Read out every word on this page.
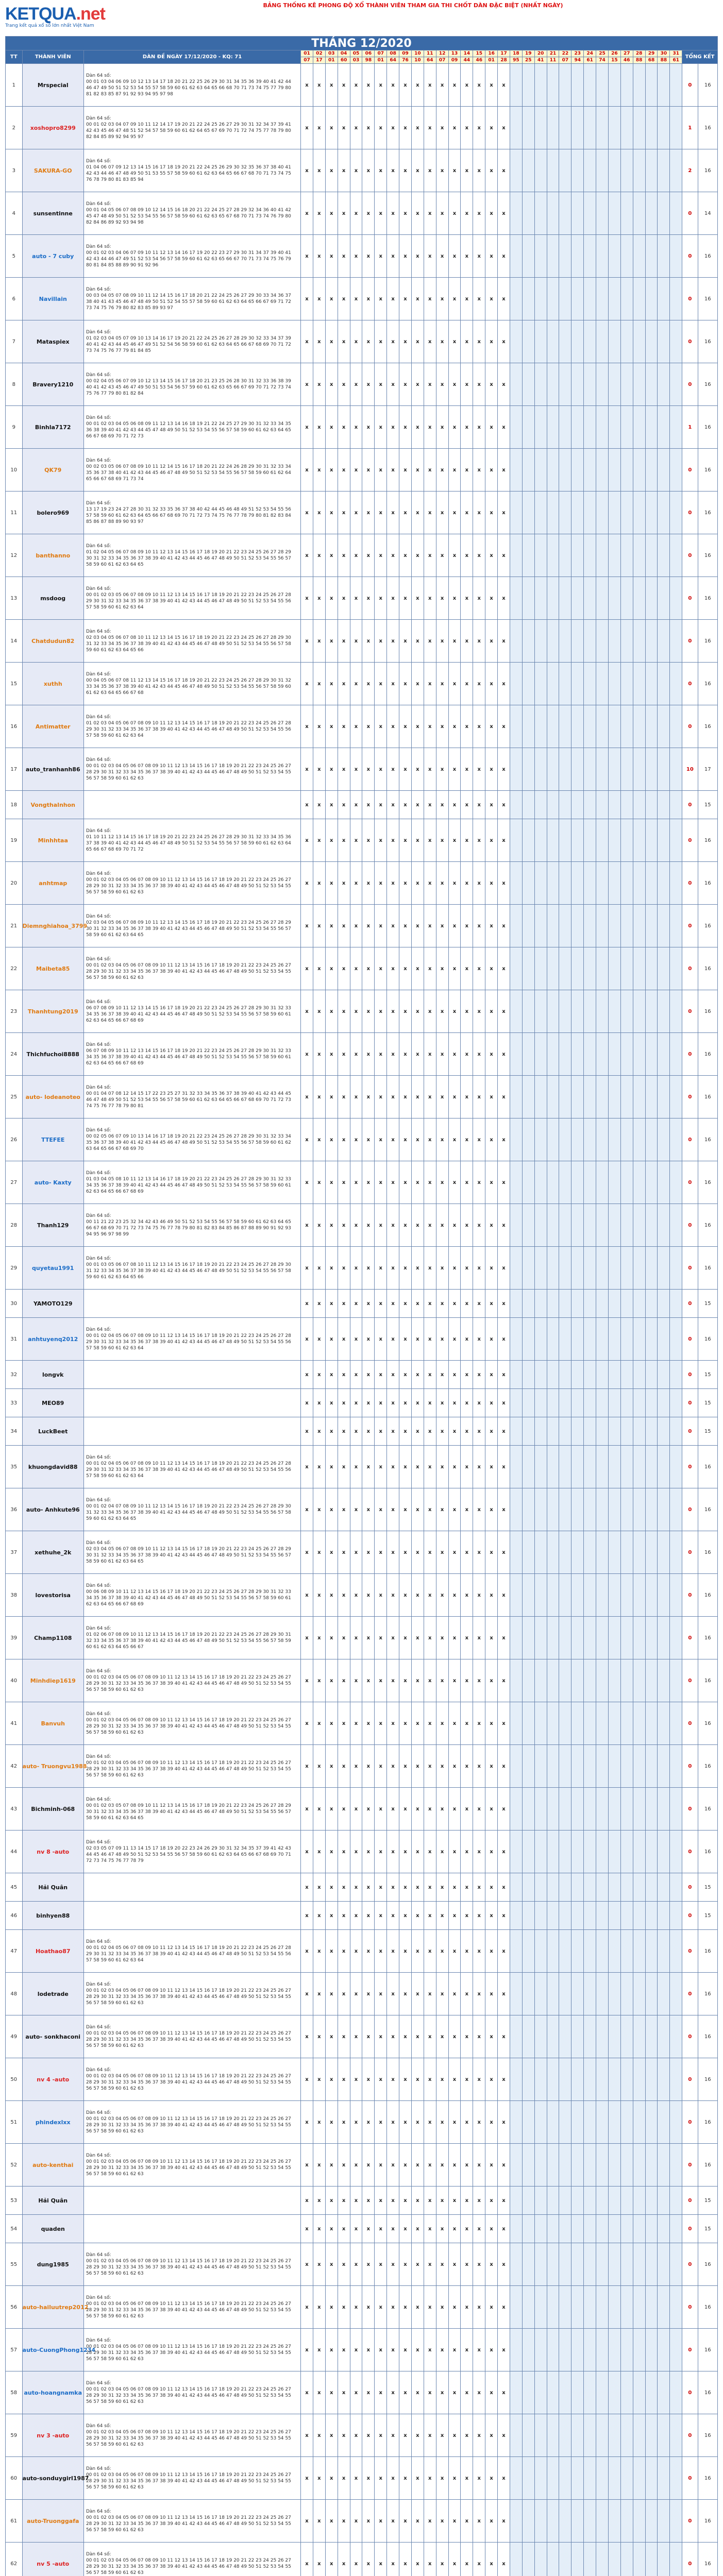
KETQUA.net
Trang kết quả xổ số lớn nhất Việt Nam
BẢNG THỐNG KÊ PHONG ĐỘ XỔ THÀNH VIÊN THAM GIA THI CHỐT DÀN ĐẶC BIỆT (NHẤT NGÀY)
THÁNG 12/2020																																			
TT	THÀNH VIÊN	DÀN ĐỀ NGÀY 17/12/2020 - KQ: 71	01	02	03	04	05	06	07	08	09	10	11	12	13	14	15	16	17	18	19	20	21	22	23	24	25	26	27	28	29	30	31	TỔNG KẾT	
			07	17	01	60	03	98	01	64	76	10	64	07	09	44	46	01	28	95	25	41	11	07	94	61	74	15	46	88	68	88	61		
1	Mrspecial	Dàn 64 số:
00 01 03 04 06 09 10 12 13 14 17 18 20 21 22 25 26 29 30 31 34 35 36 39 40 41 42 44 46 47 49 50 51 52 53 54 55 57 58 59 60 61 62 63 64 65 66 68 70 71 73 74 75 77 79 80 81 82 83 85 87 91 92 93 94 95 97 98	x	x	x	x	x	x	x	x	x	x	x	x	x	x	x	x	x															0	16
2	xoshopro8299	Dàn 64 số:
00 01 02 03 04 07 09 10 11 12 14 17 19 20 21 22 24 25 26 27 29 30 31 32 34 37 39 41 42 43 45 46 47 48 51 52 54 57 58 59 60 61 62 64 65 67 69 70 71 72 74 75 77 78 79 80 82 84 85 89 92 94 95 97	x	x	x	x	x	x	x	x	x	x	x	x	x	x	x	x	x															1	16
3	SAKURA-GO	Dàn 64 số:
01 04 06 07 09 12 13 14 15 16 17 18 19 20 21 22 24 25 26 29 30 32 35 36 37 38 40 41 42 43 44 46 47 48 49 50 51 53 55 57 58 59 60 61 62 63 64 65 66 67 68 70 71 73 74 75 76 78 79 80 81 83 85 94	x	x	x	x	x	x	x	x	x	x	x	x	x	x	x	x	x															2	16
4	sunsentinne	Dàn 64 số:
00 01 04 05 06 07 08 09 10 12 14 15 16 18 20 21 22 24 25 27 28 29 32 34 36 40 41 42 45 47 48 49 50 51 52 53 54 55 56 57 58 59 60 61 62 63 65 67 68 70 71 73 74 76 79 80 82 84 86 89 92 93 94 98	x	x	x	x	x	x	x	x	x	x	x	x	x	x	x	x	x															0	14
5	auto - 7 cuby	Dàn 64 số:
00 01 02 03 04 06 07 09 10 11 12 13 14 16 17 19 20 22 23 27 29 30 31 34 37 39 40 41 42 43 44 46 47 49 51 52 53 54 56 57 58 59 60 61 62 63 65 66 67 70 71 73 74 75 76 79 80 81 84 85 88 89 90 91 92 96	x	x	x	x	x	x	x	x	x	x	x	x	x	x	x	x	x															0	16
6	Navillain	Dàn 64 số:
00 03 04 05 07 08 09 10 11 12 14 15 16 17 18 20 21 22 24 25 26 27 29 30 33 34 36 37 38 40 41 43 45 46 47 48 49 50 51 52 54 55 57 58 59 60 61 62 63 64 65 66 67 69 71 72 73 74 75 76 79 80 82 83 85 89 93 97	x	x	x	x	x	x	x	x	x	x	x	x	x	x	x	x	x															0	16
7	Mataspiex	Dàn 64 số:
01 02 03 04 05 07 09 10 13 14 16 17 19 20 21 22 24 25 26 27 28 29 30 32 33 34 37 39 40 41 42 43 44 45 46 47 49 51 52 54 56 58 59 60 61 62 63 64 65 66 67 68 69 70 71 72 73 74 75 76 77 79 81 84 85	x	x	x	x	x	x	x	x	x	x	x	x	x	x	x	x	x															0	16
8	Bravery1210	Dàn 64 số:
00 02 04 05 06 07 09 10 12 13 14 15 16 17 18 20 21 23 25 26 28 30 31 32 33 36 38 39 40 41 42 43 45 46 47 49 50 51 53 54 56 57 59 60 61 62 63 65 66 67 69 70 71 72 73 74 75 76 77 79 80 81 82 84	x	x	x	x	x	x	x	x	x	x	x	x	x	x	x	x	x															0	16
9	Binhla7172	Dàn 64 số:
00 01 02 03 04 05 06 08 09 11 12 13 14 16 18 19 21 22 24 25 27 29 30 31 32 33 34 35 36 38 39 40 41 42 43 44 45 47 48 49 50 51 52 53 54 55 56 57 58 59 60 61 62 63 64 65 66 67 68 69 70 71 72 73	x	x	x	x	x	x	x	x	x	x	x	x	x	x	x	x	x															1	16
10	QK79	Dàn 64 số:
00 02 03 05 06 07 08 09 10 11 12 14 15 16 17 18 20 21 22 24 26 28 29 30 31 32 33 34 35 36 37 38 40 41 42 43 44 45 46 47 48 49 50 51 52 53 54 55 56 57 58 59 60 61 62 64 65 66 67 68 69 71 73 74	x	x	x	x	x	x	x	x	x	x	x	x	x	x	x	x	x															0	16
11	bolero969	Dàn 64 số:
13 17 19 23 24 27 28 30 31 32 33 35 36 37 38 40 42 44 45 46 48 49 51 52 53 54 55 56 57 58 59 60 61 62 63 64 65 66 67 68 69 70 71 72 73 74 75 76 77 78 79 80 81 82 83 84 85 86 87 88 89 90 93 97	x	x	x	x	x	x	x	x	x	x	x	x	x	x	x	x	x															0	16
12	banthanno	Dàn 64 số:
01 02 04 05 06 07 08 09 10 11 12 13 14 15 16 17 18 19 20 21 22 23 24 25 26 27 28 29 30 31 32 33 34 35 36 37 38 39 40 41 42 43 44 45 46 47 48 49 50 51 52 53 54 55 56 57 58 59 60 61 62 63 64 65	x	x	x	x	x	x	x	x	x	x	x	x	x	x	x	x	x															0	16
13	msdoog	Dàn 64 số:
00 01 02 03 05 06 07 08 09 10 11 12 13 14 15 16 17 18 19 20 21 22 23 24 25 26 27 28 29 30 31 32 33 34 35 36 37 38 39 40 41 42 43 44 45 46 47 48 49 50 51 52 53 54 55 56 57 58 59 60 61 62 63 64	x	x	x	x	x	x	x	x	x	x	x	x	x	x	x	x	x															0	16
14	Chatdudun82	Dàn 64 số:
02 03 04 05 06 07 08 10 11 12 13 14 15 16 17 18 19 20 21 22 23 24 25 26 27 28 29 30 31 32 33 34 35 36 37 38 39 40 41 42 43 44 45 46 47 48 49 50 51 52 53 54 55 56 57 58 59 60 61 62 63 64 65 66	x	x	x	x	x	x	x	x	x	x	x	x	x	x	x	x	x															0	16
15	xuthh	Dàn 64 số:
00 04 05 06 07 08 11 12 13 14 15 16 17 18 19 20 21 22 23 24 25 26 27 28 29 30 31 32 33 34 35 36 37 38 39 40 41 42 43 44 45 46 47 48 49 50 51 52 53 54 55 56 57 58 59 60 61 62 63 64 65 66 67 68	x	x	x	x	x	x	x	x	x	x	x	x	x	x	x	x	x															0	16
16	Antimatter	Dàn 64 số:
01 02 03 04 05 06 07 08 09 10 11 12 13 14 15 16 17 18 19 20 21 22 23 24 25 26 27 28 29 30 31 32 33 34 35 36 37 38 39 40 41 42 43 44 45 46 47 48 49 50 51 52 53 54 55 56 57 58 59 60 61 62 63 64	x	x	x	x	x	x	x	x	x	x	x	x	x	x	x	x	x															0	16
17	auto_tranhanh86	Dàn 64 số:
00 01 02 03 04 05 06 07 08 09 10 11 12 13 14 15 16 17 18 19 20 21 22 23 24 25 26 27 28 29 30 31 32 33 34 35 36 37 38 39 40 41 42 43 44 45 46 47 48 49 50 51 52 53 54 55 56 57 58 59 60 61 62 63	x	x	x	x	x	x	x	x	x	x	x	x	x	x	x	x	x															10	17
18	Vongthalnhon		x	x	x	x	x	x	x	x	x	x	x	x	x	x	x	x	x															0	15
19	Minhhtaa	Dàn 64 số:
01 10 11 12 13 14 15 16 17 18 19 20 21 22 23 24 25 26 27 28 29 30 31 32 33 34 35 36 37 38 39 40 41 42 43 44 45 46 47 48 49 50 51 52 53 54 55 56 57 58 59 60 61 62 63 64 65 66 67 68 69 70 71 72	x	x	x	x	x	x	x	x	x	x	x	x	x	x	x	x	x															0	16
20	anhtmap	Dàn 64 số:
00 01 02 03 04 05 06 07 08 09 10 11 12 13 14 15 16 17 18 19 20 21 22 23 24 25 26 27 28 29 30 31 32 33 34 35 36 37 38 39 40 41 42 43 44 45 46 47 48 49 50 51 52 53 54 55 56 57 58 59 60 61 62 63	x	x	x	x	x	x	x	x	x	x	x	x	x	x	x	x	x															0	16
21	Diemnghiahoa_3799	Dàn 64 số:
02 03 04 05 06 07 08 09 10 11 12 13 14 15 16 17 18 19 20 21 22 23 24 25 26 27 28 29 30 31 32 33 34 35 36 37 38 39 40 41 42 43 44 45 46 47 48 49 50 51 52 53 54 55 56 57 58 59 60 61 62 63 64 65	x	x	x	x	x	x	x	x	x	x	x	x	x	x	x	x	x															0	16
22	Maibeta85	Dàn 64 số:
00 01 02 03 04 05 06 07 08 09 10 11 12 13 14 15 16 17 18 19 20 21 22 23 24 25 26 27 28 29 30 31 32 33 34 35 36 37 38 39 40 41 42 43 44 45 46 47 48 49 50 51 52 53 54 55 56 57 58 59 60 61 62 63	x	x	x	x	x	x	x	x	x	x	x	x	x	x	x	x	x															0	16
23	Thanhtung2019	Dàn 64 số:
06 07 08 09 10 11 12 13 14 15 16 17 18 19 20 21 22 23 24 25 26 27 28 29 30 31 32 33 34 35 36 37 38 39 40 41 42 43 44 45 46 47 48 49 50 51 52 53 54 55 56 57 58 59 60 61 62 63 64 65 66 67 68 69	x	x	x	x	x	x	x	x	x	x	x	x	x	x	x	x	x															0	16
24	Thichfuchoi8888	Dàn 64 số:
06 07 08 09 10 11 12 13 14 15 16 17 18 19 20 21 22 23 24 25 26 27 28 29 30 31 32 33 34 35 36 37 38 39 40 41 42 43 44 45 46 47 48 49 50 51 52 53 54 55 56 57 58 59 60 61 62 63 64 65 66 67 68 69	x	x	x	x	x	x	x	x	x	x	x	x	x	x	x	x	x															0	16
25	auto- lodeanoteo	Dàn 64 số:
00 01 04 07 08 12 14 15 17 22 23 25 27 31 32 33 34 35 36 37 38 39 40 41 42 43 44 45 46 47 48 49 50 51 52 53 54 55 56 57 58 59 60 61 62 63 64 65 66 67 68 69 70 71 72 73 74 75 76 77 78 79 80 81	x	x	x	x	x	x	x	x	x	x	x	x	x	x	x	x	x															0	16
26	TTEFEE	Dàn 64 số:
00 02 05 06 07 09 10 13 14 16 17 18 19 20 21 22 23 24 25 26 27 28 29 30 31 32 33 34 35 36 37 38 39 40 41 42 43 44 45 46 47 48 49 50 51 52 53 54 55 56 57 58 59 60 61 62 63 64 65 66 67 68 69 70	x	x	x	x	x	x	x	x	x	x	x	x	x	x	x	x	x															0	16
27	auto- Kaxty	Dàn 64 số:
01 03 04 05 08 10 11 12 13 14 16 17 18 19 20 21 22 23 24 25 26 27 28 29 30 31 32 33 34 35 36 37 38 39 40 41 42 43 44 45 46 47 48 49 50 51 52 53 54 55 56 57 58 59 60 61 62 63 64 65 66 67 68 69	x	x	x	x	x	x	x	x	x	x	x	x	x	x	x	x	x															0	16
28	Thanh129	Dàn 64 số:
00 11 21 22 23 25 32 34 42 43 46 49 50 51 52 53 54 55 56 57 58 59 60 61 62 63 64 65 66 67 68 69 70 71 72 73 74 75 76 77 78 79 80 81 82 83 84 85 86 87 88 89 90 91 92 93 94 95 96 97 98 99	x	x	x	x	x	x	x	x	x	x	x	x	x	x	x	x	x															0	16
29	quyetau1991	Dàn 64 số:
00 01 03 05 06 07 08 10 11 12 13 14 15 16 17 18 19 20 21 22 23 24 25 26 27 28 29 30 31 32 33 34 35 36 37 38 39 40 41 42 43 44 45 46 47 48 49 50 51 52 53 54 55 56 57 58 59 60 61 62 63 64 65 66	x	x	x	x	x	x	x	x	x	x	x	x	x	x	x	x	x															0	16
30	YAMOTO129		x	x	x	x	x	x	x	x	x	x	x	x	x	x	x	x	x															0	15
31	anhtuyenq2012	Dàn 64 số:
00 01 02 04 05 06 07 08 09 10 11 12 13 14 15 16 17 18 19 20 21 22 23 24 25 26 27 28 29 30 31 32 33 34 35 36 37 38 39 40 41 42 43 44 45 46 47 48 49 50 51 52 53 54 55 56 57 58 59 60 61 62 63 64	x	x	x	x	x	x	x	x	x	x	x	x	x	x	x	x	x															0	16
32	longvk		x	x	x	x	x	x	x	x	x	x	x	x	x	x	x	x	x															0	15
33	MEO89		x	x	x	x	x	x	x	x	x	x	x	x	x	x	x	x	x															0	15
34	LuckBeet		x	x	x	x	x	x	x	x	x	x	x	x	x	x	x	x	x															0	15
35	khuongdavid88	Dàn 64 số:
00 01 02 04 05 06 07 08 09 10 11 12 13 14 15 16 17 18 19 20 21 22 23 24 25 26 27 28 29 30 31 32 33 34 35 36 37 38 39 40 41 42 43 44 45 46 47 48 49 50 51 52 53 54 55 56 57 58 59 60 61 62 63 64	x	x	x	x	x	x	x	x	x	x	x	x	x	x	x	x	x															0	16
36	auto- Anhkute96	Dàn 64 số:
00 01 02 04 07 08 09 10 11 12 13 14 15 16 17 18 19 20 21 22 23 24 25 26 27 28 29 30 31 32 33 34 35 36 37 38 39 40 41 42 43 44 45 46 47 48 49 50 51 52 53 54 55 56 57 58 59 60 61 62 63 64 65	x	x	x	x	x	x	x	x	x	x	x	x	x	x	x	x	x															0	16
37	xethuhe_2k	Dàn 64 số:
02 03 04 05 06 07 08 09 10 11 12 13 14 15 16 17 18 19 20 21 22 23 24 25 26 27 28 29 30 31 32 33 34 35 36 37 38 39 40 41 42 43 44 45 46 47 48 49 50 51 52 53 54 55 56 57 58 59 60 61 62 63 64 65	x	x	x	x	x	x	x	x	x	x	x	x	x	x	x	x	x															0	16
38	lovestorisa	Dàn 64 số:
00 06 08 09 10 11 12 13 14 15 16 17 18 19 20 21 22 23 24 25 26 27 28 29 30 31 32 33 34 35 36 37 38 39 40 41 42 43 44 45 46 47 48 49 50 51 52 53 54 55 56 57 58 59 60 61 62 63 64 65 66 67 68 69	x	x	x	x	x	x	x	x	x	x	x	x	x	x	x	x	x															0	16
39	Champ1108	Dàn 64 số:
01 02 06 07 08 09 10 11 12 13 14 15 16 17 18 19 20 21 22 23 24 25 26 27 28 29 30 31 32 33 34 35 36 37 38 39 40 41 42 43 44 45 46 47 48 49 50 51 52 53 54 55 56 57 58 59 60 61 62 63 64 65 66 67	x	x	x	x	x	x	x	x	x	x	x	x	x	x	x	x	x															0	16
40	Minhdiep1619	Dàn 64 số:
00 01 02 03 04 05 06 07 08 09 10 11 12 13 14 15 16 17 18 19 20 21 22 23 24 25 26 27 28 29 30 31 32 33 34 35 36 37 38 39 40 41 42 43 44 45 46 47 48 49 50 51 52 53 54 55 56 57 58 59 60 61 62 63	x	x	x	x	x	x	x	x	x	x	x	x	x	x	x	x	x															0	16
41	Banvuh	Dàn 64 số:
00 01 02 03 04 05 06 07 08 09 10 11 12 13 14 15 16 17 18 19 20 21 22 23 24 25 26 27 28 29 30 31 32 33 34 35 36 37 38 39 40 41 42 43 44 45 46 47 48 49 50 51 52 53 54 55 56 57 58 59 60 61 62 63	x	x	x	x	x	x	x	x	x	x	x	x	x	x	x	x	x															0	16
42	auto- Truongvu1988	Dàn 64 số:
00 01 02 03 04 05 06 07 08 09 10 11 12 13 14 15 16 17 18 19 20 21 22 23 24 25 26 27 28 29 30 31 32 33 34 35 36 37 38 39 40 41 42 43 44 45 46 47 48 49 50 51 52 53 54 55 56 57 58 59 60 61 62 63	x	x	x	x	x	x	x	x	x	x	x	x	x	x	x	x	x															0	16
43	Bichminh-068	Dàn 64 số:
00 01 02 03 05 07 08 09 10 11 12 13 14 15 16 17 18 19 20 21 22 23 24 25 26 27 28 29 30 31 32 33 34 35 36 37 38 39 40 41 42 43 44 45 46 47 48 49 50 51 52 53 54 55 56 57 58 59 60 61 62 63 64 65	x	x	x	x	x	x	x	x	x	x	x	x	x	x	x	x	x															0	16
44	nv 8 -auto	Dàn 64 số:
02 03 05 07 09 11 13 14 15 17 18 19 20 22 23 24 26 29 30 31 32 34 35 37 39 41 42 43 44 45 46 47 48 49 50 51 52 53 54 55 56 57 58 59 60 61 62 63 64 65 66 67 68 69 70 71 72 73 74 75 76 77 78 79	x	x	x	x	x	x	x	x	x	x	x	x	x	x	x	x	x															0	16
45	Hải Quân		x	x	x	x	x	x	x	x	x	x	x	x	x	x	x	x	x															0	15
46	binhyen88		x	x	x	x	x	x	x	x	x	x	x	x	x	x	x	x	x															0	15
47	Hoathao87	Dàn 64 số:
00 01 02 04 05 06 07 08 09 10 11 12 13 14 15 16 17 18 19 20 21 22 23 24 25 26 27 28 29 30 31 32 33 34 35 36 37 38 39 40 41 42 43 44 45 46 47 48 49 50 51 52 53 54 55 56 57 58 59 60 61 62 63 64	x	x	x	x	x	x	x	x	x	x	x	x	x	x	x	x	x															0	16
48	lodetrade	Dàn 64 số:
00 01 02 03 04 05 06 07 08 09 10 11 12 13 14 15 16 17 18 19 20 21 22 23 24 25 26 27 28 29 30 31 32 33 34 35 36 37 38 39 40 41 42 43 44 45 46 47 48 49 50 51 52 53 54 55 56 57 58 59 60 61 62 63	x	x	x	x	x	x	x	x	x	x	x	x	x	x	x	x	x															0	16
49	auto- sonkhaconi	Dàn 64 số:
00 01 02 03 04 05 06 07 08 09 10 11 12 13 14 15 16 17 18 19 20 21 22 23 24 25 26 27 28 29 30 31 32 33 34 35 36 37 38 39 40 41 42 43 44 45 46 47 48 49 50 51 52 53 54 55 56 57 58 59 60 61 62 63	x	x	x	x	x	x	x	x	x	x	x	x	x	x	x	x	x															0	16
50	nv 4 -auto	Dàn 64 số:
00 01 02 03 04 05 06 07 08 09 10 11 12 13 14 15 16 17 18 19 20 21 22 23 24 25 26 27 28 29 30 31 32 33 34 35 36 37 38 39 40 41 42 43 44 45 46 47 48 49 50 51 52 53 54 55 56 57 58 59 60 61 62 63	x	x	x	x	x	x	x	x	x	x	x	x	x	x	x	x	x															0	16
51	phindexlxx	Dàn 64 số:
00 01 02 03 04 05 06 07 08 09 10 11 12 13 14 15 16 17 18 19 20 21 22 23 24 25 26 27 28 29 30 31 32 33 34 35 36 37 38 39 40 41 42 43 44 45 46 47 48 49 50 51 52 53 54 55 56 57 58 59 60 61 62 63	x	x	x	x	x	x	x	x	x	x	x	x	x	x	x	x	x															0	16
52	auto-kenthai	Dàn 64 số:
00 01 02 03 04 05 06 07 08 09 10 11 12 13 14 15 16 17 18 19 20 21 22 23 24 25 26 27 28 29 30 31 32 33 34 35 36 37 38 39 40 41 42 43 44 45 46 47 48 49 50 51 52 53 54 55 56 57 58 59 60 61 62 63	x	x	x	x	x	x	x	x	x	x	x	x	x	x	x	x	x															0	16
53	Hải Quân		x	x	x	x	x	x	x	x	x	x	x	x	x	x	x	x	x															0	15
54	quaden		x	x	x	x	x	x	x	x	x	x	x	x	x	x	x	x	x															0	15
55	dung1985	Dàn 64 số:
00 01 02 03 04 05 06 07 08 09 10 11 12 13 14 15 16 17 18 19 20 21 22 23 24 25 26 27 28 29 30 31 32 33 34 35 36 37 38 39 40 41 42 43 44 45 46 47 48 49 50 51 52 53 54 55 56 57 58 59 60 61 62 63	x	x	x	x	x	x	x	x	x	x	x	x	x	x	x	x	x															0	16
56	auto-hailuutrep2012	Dàn 64 số:
00 01 02 03 04 05 06 07 08 09 10 11 12 13 14 15 16 17 18 19 20 21 22 23 24 25 26 27 28 29 30 31 32 33 34 35 36 37 38 39 40 41 42 43 44 45 46 47 48 49 50 51 52 53 54 55 56 57 58 59 60 61 62 63	x	x	x	x	x	x	x	x	x	x	x	x	x	x	x	x	x															0	16
57	auto-CuongPhong1234	Dàn 64 số:
00 01 02 03 04 05 06 07 08 09 10 11 12 13 14 15 16 17 18 19 20 21 22 23 24 25 26 27 28 29 30 31 32 33 34 35 36 37 38 39 40 41 42 43 44 45 46 47 48 49 50 51 52 53 54 55 56 57 58 59 60 61 62 63	x	x	x	x	x	x	x	x	x	x	x	x	x	x	x	x	x															0	16
58	auto-hoangnamka	Dàn 64 số:
00 01 02 03 04 05 06 07 08 09 10 11 12 13 14 15 16 17 18 19 20 21 22 23 24 25 26 27 28 29 30 31 32 33 34 35 36 37 38 39 40 41 42 43 44 45 46 47 48 49 50 51 52 53 54 55 56 57 58 59 60 61 62 63	x	x	x	x	x	x	x	x	x	x	x	x	x	x	x	x	x															0	16
59	nv 3 -auto	Dàn 64 số:
00 01 02 03 04 05 06 07 08 09 10 11 12 13 14 15 16 17 18 19 20 21 22 23 24 25 26 27 28 29 30 31 32 33 34 35 36 37 38 39 40 41 42 43 44 45 46 47 48 49 50 51 52 53 54 55 56 57 58 59 60 61 62 63	x	x	x	x	x	x	x	x	x	x	x	x	x	x	x	x	x															0	16
60	auto-sonduygirl1987	Dàn 64 số:
00 01 02 03 04 05 06 07 08 09 10 11 12 13 14 15 16 17 18 19 20 21 22 23 24 25 26 27 28 29 30 31 32 33 34 35 36 37 38 39 40 41 42 43 44 45 46 47 48 49 50 51 52 53 54 55 56 57 58 59 60 61 62 63	x	x	x	x	x	x	x	x	x	x	x	x	x	x	x	x	x															0	16
61	auto-Truonggafa	Dàn 64 số:
00 01 02 03 04 05 06 07 08 09 10 11 12 13 14 15 16 17 18 19 20 21 22 23 24 25 26 27 28 29 30 31 32 33 34 35 36 37 38 39 40 41 42 43 44 45 46 47 48 49 50 51 52 53 54 55 56 57 58 59 60 61 62 63	x	x	x	x	x	x	x	x	x	x	x	x	x	x	x	x	x															0	16
62	nv 5 -auto	Dàn 64 số:
00 01 02 03 04 05 06 07 08 09 10 11 12 13 14 15 16 17 18 19 20 21 22 23 24 25 26 27 28 29 30 31 32 33 34 35 36 37 38 39 40 41 42 43 44 45 46 47 48 49 50 51 52 53 54 55 56 57 58 59 60 61 62 63	x	x	x	x	x	x	x	x	x	x	x	x	x	x	x	x	x															0	16
